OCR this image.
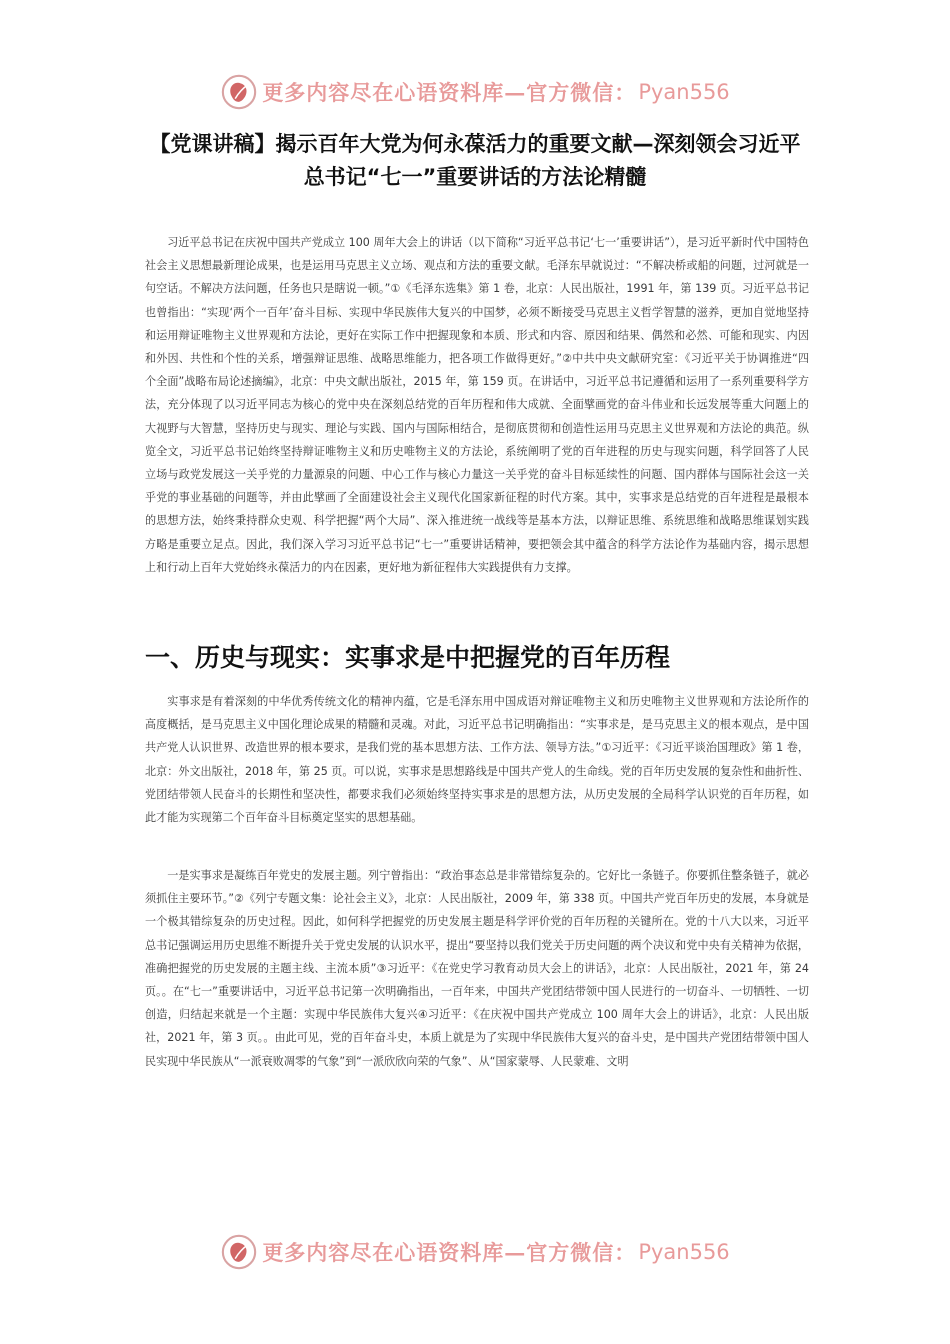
更多内容尽在心语资料库—官方微信： Pyan556
【党课讲稿】揭示百年大党为何永葆活力的重要文献—深刻领会习近平总书记“七一”重要讲话的方法论精髓

习近平总书记在庆祝中国共产党成立 100 周年大会上的讲话（以下简称“习近平总书记‘七一’重要讲话”），是习近平新时代中国特色社会主义思想最新理论成果，也是运用马克思主义立场、观点和方法的重要文献。毛泽东早就说过：“不解决桥或船的问题，过河就是一句空话。不解决方法问题，任务也只是瞎说一顿。”①《毛泽东选集》第 1 卷，北京：人民出版社，1991 年，第 139 页。习近平总书记也曾指出：“实现‘两个一百年’奋斗目标、实现中华民族伟大复兴的中国梦，必须不断接受马克思主义哲学智慧的滋养，更加自觉地坚持和运用辩证唯物主义世界观和方法论，更好在实际工作中把握现象和本质、形式和内容、原因和结果、偶然和必然、可能和现实、内因和外因、共性和个性的关系，增强辩证思维、战略思维能力，把各项工作做得更好。”②中共中央文献研究室：《习近平关于协调推进“四个全面”战略布局论述摘编》，北京：中央文献出版社，2015 年，第 159 页。在讲话中，习近平总书记遵循和运用了一系列重要科学方法，充分体现了以习近平同志为核心的党中央在深刻总结党的百年历程和伟大成就、全面擘画党的奋斗伟业和长远发展等重大问题上的大视野与大智慧，坚持历史与现实、理论与实践、国内与国际相结合，是彻底贯彻和创造性运用马克思主义世界观和方法论的典范。纵览全文，习近平总书记始终坚持辩证唯物主义和历史唯物主义的方法论，系统阐明了党的百年进程的历史与现实问题，科学回答了人民立场与政党发展这一关乎党的力量源泉的问题、中心工作与核心力量这一关乎党的奋斗目标延续性的问题、国内群体与国际社会这一关乎党的事业基础的问题等，并由此擘画了全面建设社会主义现代化国家新征程的时代方案。其中，实事求是总结党的百年进程是最根本的思想方法，始终秉持群众史观、科学把握“两个大局”、深入推进统一战线等是基本方法，以辩证思维、系统思维和战略思维谋划实践方略是重要立足点。因此，我们深入学习习近平总书记“七一”重要讲话精神，要把领会其中蕴含的科学方法论作为基础内容，揭示思想上和行动上百年大党始终永葆活力的内在因素，更好地为新征程伟大实践提供有力支撑。

一、历史与现实：实事求是中把握党的百年历程

实事求是有着深刻的中华优秀传统文化的精神内蕴，它是毛泽东用中国成语对辩证唯物主义和历史唯物主义世界观和方法论所作的高度概括，是马克思主义中国化理论成果的精髓和灵魂。对此，习近平总书记明确指出：“实事求是，是马克思主义的根本观点，是中国共产党人认识世界、改造世界的根本要求，是我们党的基本思想方法、工作方法、领导方法。”①习近平：《习近平谈治国理政》第 1 卷，北京：外文出版社，2018 年，第 25 页。可以说，实事求是思想路线是中国共产党人的生命线。党的百年历史发展的复杂性和曲折性、党团结带领人民奋斗的长期性和坚决性，都要求我们必须始终坚持实事求是的思想方法，从历史发展的全局科学认识党的百年历程，如此才能为实现第二个百年奋斗目标奠定坚实的思想基础。

一是实事求是凝练百年党史的发展主题。列宁曾指出：“政治事态总是非常错综复杂的。它好比一条链子。你要抓住整条链子，就必须抓住主要环节。”②《列宁专题文集：论社会主义》，北京：人民出版社，2009 年，第 338 页。中国共产党百年历史的发展，本身就是一个极其错综复杂的历史过程。因此，如何科学把握党的历史发展主题是科学评价党的百年历程的关键所在。党的十八大以来，习近平总书记强调运用历史思维不断提升关于党史发展的认识水平，提出“要坚持以我们党关于历史问题的两个决议和党中央有关精神为依据，准确把握党的历史发展的主题主线、主流本质”③习近平：《在党史学习教育动员大会上的讲话》，北京：人民出版社，2021 年，第 24 页。。在“七一”重要讲话中，习近平总书记第一次明确指出，一百年来，中国共产党团结带领中国人民进行的一切奋斗、一切牺牲、一切创造，归结起来就是一个主题：实现中华民族伟大复兴④习近平：《在庆祝中国共产党成立 100 周年大会上的讲话》，北京：人民出版社，2021 年，第 3 页。。由此可见，党的百年奋斗史，本质上就是为了实现中华民族伟大复兴的奋斗史，是中国共产党团结带领中国人民实现中华民族从“一派衰败凋零的气象”到“一派欣欣向荣的气象”、从“国家蒙辱、人民蒙难、文明

更多内容尽在心语资料库—官方微信： Pyan556
